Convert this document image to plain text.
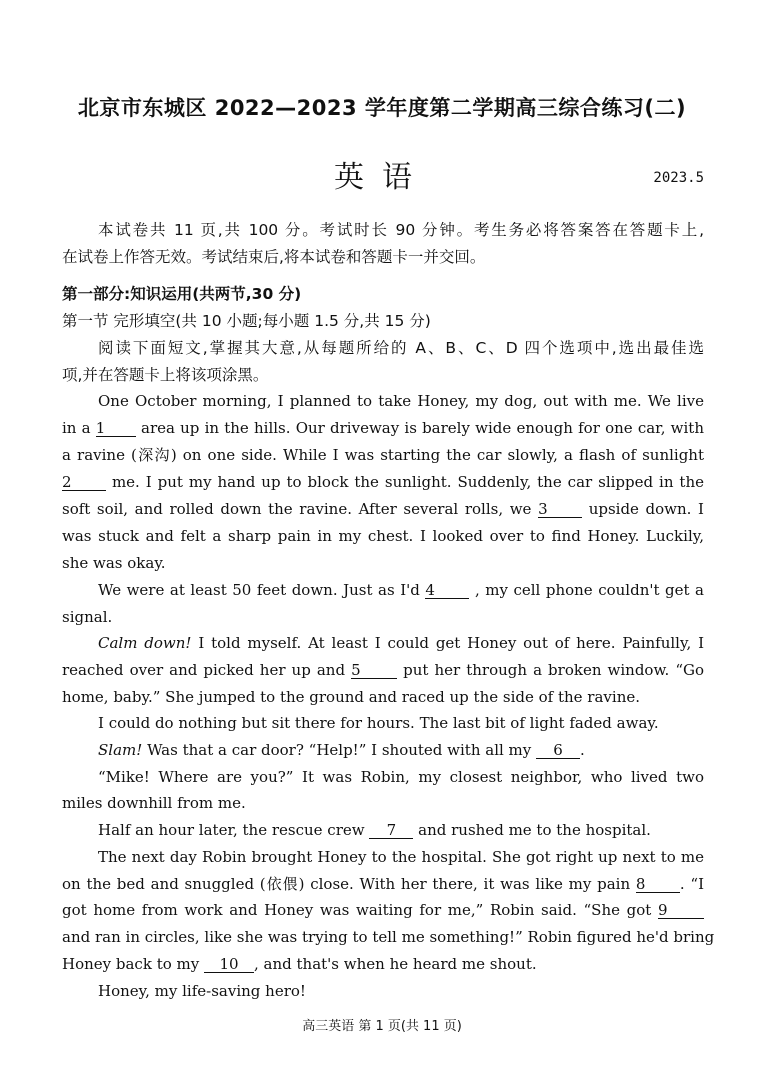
北京市东城区 2022—2023 学年度第二学期高三综合练习(二)
英语	2023.5
本试卷共 11 页,共 100 分。考试时长 90 分钟。考生务必将答案答在答题卡上,
在试卷上作答无效。考试结束后,将本试卷和答题卡一并交回。
第一部分:知识运用(共两节,30 分)
第一节 完形填空(共 10 小题;每小题 1.5 分,共 15 分)
阅读下面短文,掌握其大意,从每题所给的 A、B、C、D 四个选项中,选出最佳选
项,并在答题卡上将该项涂黑。
One October morning, I planned to take Honey, my dog, out with me. We live
in a 1 area up in the hills. Our driveway is barely wide enough for one car, with
a ravine (深沟) on one side. While I was starting the car slowly, a flash of sunlight
2	me. I put my hand up to block the sunlight. Suddenly, the car slipped in the
soft soil, and rolled down the ravine. After several rolls, we 3	upside down. I
was stuck and felt a sharp pain in my chest. I looked over to find Honey. Luckily,
she was okay.
We were at least 50 feet down. Just as I'd 4	, my cell phone couldn't get a
signal.
Calm down! I told myself. At least I could get Honey out of here. Painfully, I
reached over and picked her up and 5	put her through a broken window. “Go
home, baby.” She jumped to the ground and raced up the side of the ravine.
I could do nothing but sit there for hours. The last bit of light faded away.
Slam! Was that a car door? “Help!” I shouted with all my 6 .
“Mike! Where are you?” It was Robin, my closest neighbor, who lived two
miles downhill from me.
Half an hour later, the rescue crew 7 and rushed me to the hospital.
The next day Robin brought Honey to the hospital. She got right up next to me
on the bed and snuggled (依偎) close. With her there, it was like my pain 8 . “I
got home from work and Honey was waiting for me,” Robin said. “She got 9
and ran in circles, like she was trying to tell me something!” Robin figured he'd bring
Honey back to my 10 , and that's when he heard me shout.
Honey, my life-saving hero!
高三英语 第 1 页(共 11 页)
